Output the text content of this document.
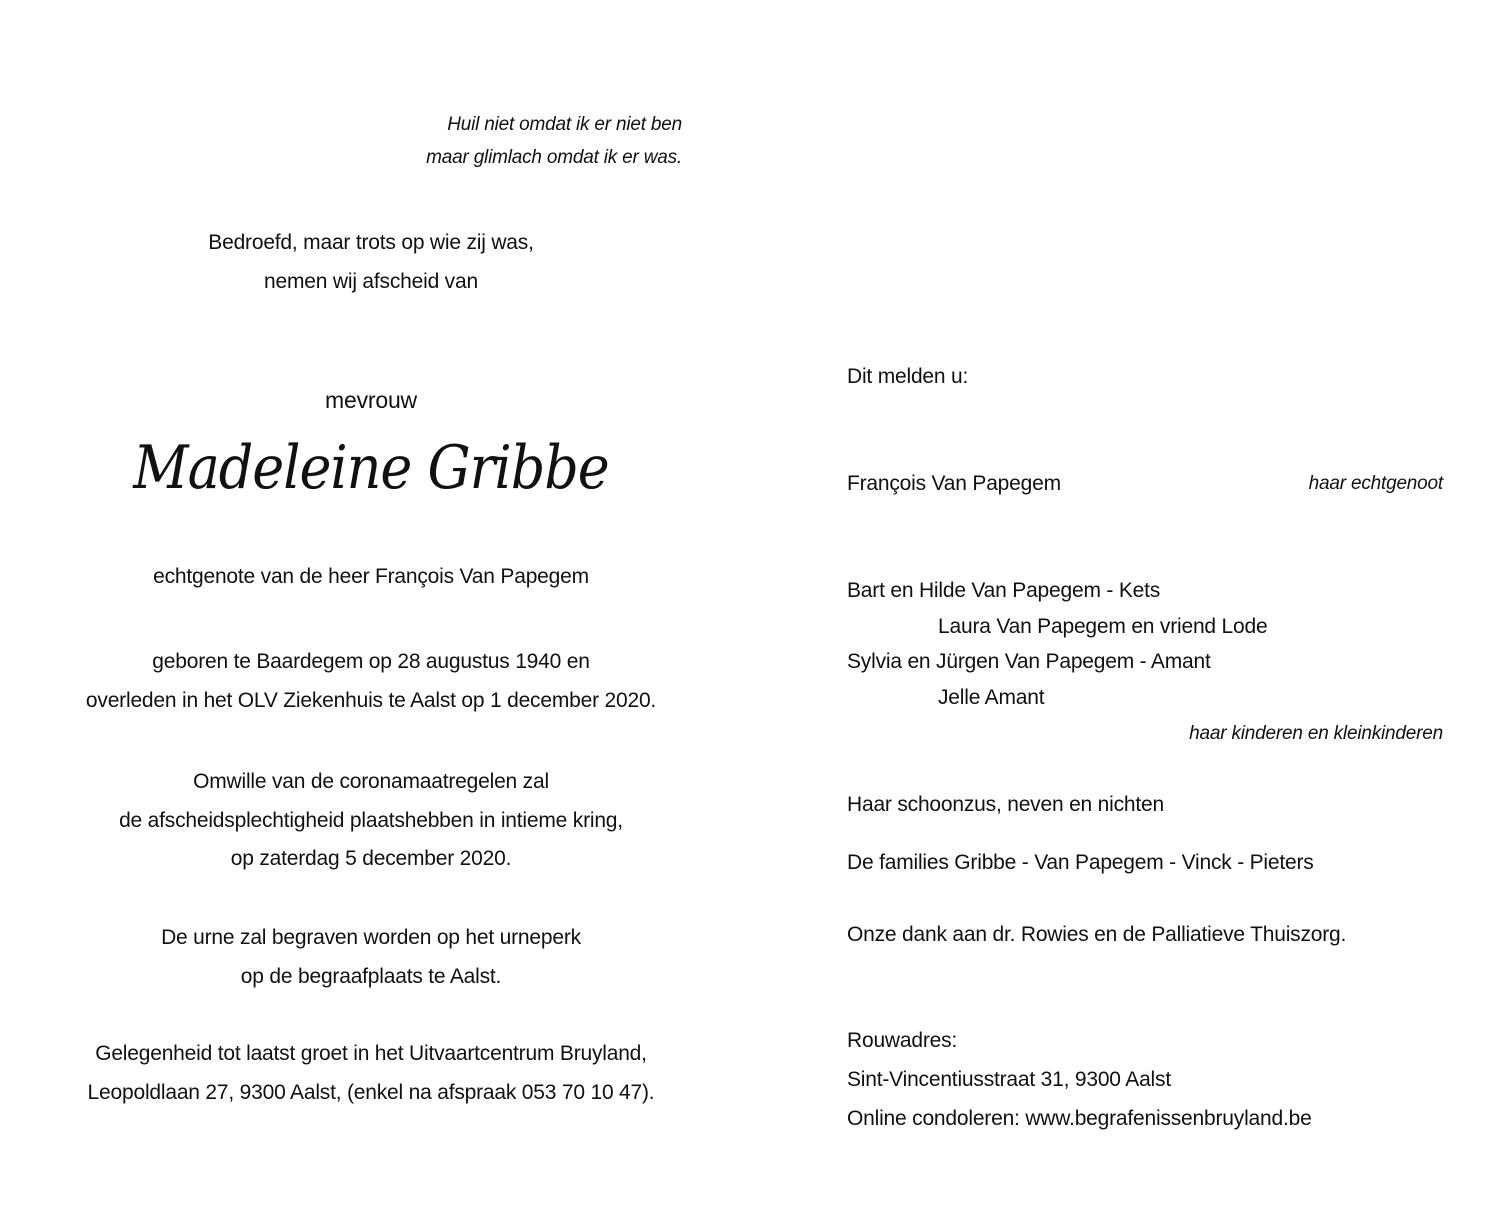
Huil niet omdat ik er niet ben
maar glimlach omdat ik er was.
Bedroefd, maar trots op wie zij was,
nemen wij afscheid van
mevrouw
Madeleine Gribbe
echtgenote van de heer François Van Papegem
geboren te Baardegem op 28 augustus 1940 en
overleden in het OLV Ziekenhuis te Aalst op 1 december 2020.
Omwille van de coronamaatregelen zal
de afscheidsplechtigheid plaatshebben in intieme kring,
op zaterdag 5 december 2020.
De urne zal begraven worden op het urneperk
op de begraafplaats te Aalst.
Gelegenheid tot laatst groet in het Uitvaartcentrum Bruyland,
Leopoldlaan 27, 9300 Aalst, (enkel na afspraak 053 70 10 47).
Dit melden u:
François Van Papegem	haar echtgenoot
Bart en Hilde Van Papegem - Kets
Laura Van Papegem en vriend Lode
Sylvia en Jürgen Van Papegem - Amant
Jelle Amant
haar kinderen en kleinkinderen
Haar schoonzus, neven en nichten
De families Gribbe - Van Papegem - Vinck - Pieters
Onze dank aan dr. Rowies en de Palliatieve Thuiszorg.
Rouwadres:
Sint-Vincentiusstraat 31, 9300 Aalst
Online condoleren: www.begrafenissenbruyland.be
